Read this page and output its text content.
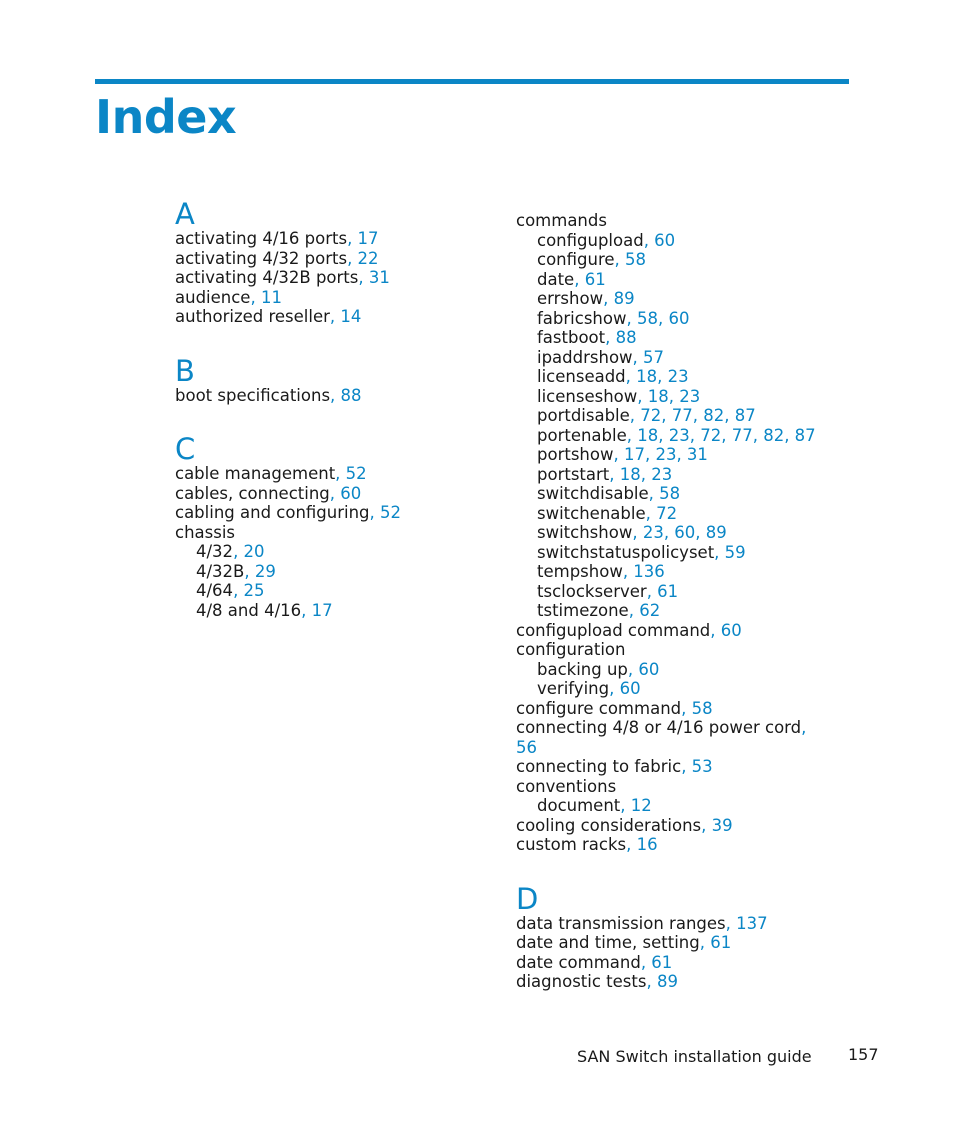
Index
A
activating 4/16 ports, 17
activating 4/32 ports, 22
activating 4/32B ports, 31
audience, 11
authorized reseller, 14
B
boot specifications, 88
C
cable management, 52
cables, connecting, 60
cabling and configuring, 52
chassis
4/32, 20
4/32B, 29
4/64, 25
4/8 and 4/16, 17
commands
configupload, 60
configure, 58
date, 61
errshow, 89
fabricshow, 58, 60
fastboot, 88
ipaddrshow, 57
licenseadd, 18, 23
licenseshow, 18, 23
portdisable, 72, 77, 82, 87
portenable, 18, 23, 72, 77, 82, 87
portshow, 17, 23, 31
portstart, 18, 23
switchdisable, 58
switchenable, 72
switchshow, 23, 60, 89
switchstatuspolicyset, 59
tempshow, 136
tsclockserver, 61
tstimezone, 62
configupload command, 60
configuration
backing up, 60
verifying, 60
configure command, 58
connecting 4/8 or 4/16 power cord,
56
connecting to fabric, 53
conventions
document, 12
cooling considerations, 39
custom racks, 16
D
data transmission ranges, 137
date and time, setting, 61
date command, 61
diagnostic tests, 89
SAN Switch installation guide 157
